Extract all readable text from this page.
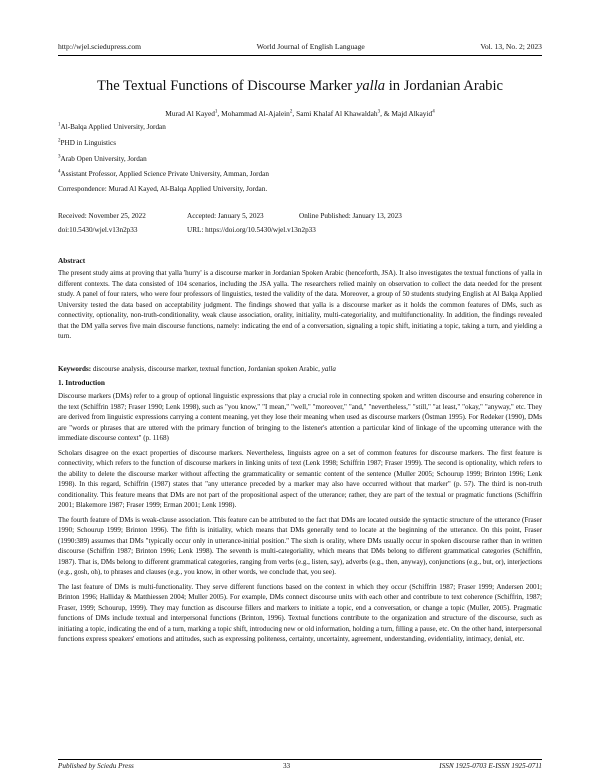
http://wjel.sciedupress.com	World Journal of English Language	Vol. 13, No. 2; 2023
The Textual Functions of Discourse Marker yalla in Jordanian Arabic
Murad Al Kayed$^1$, Mohammad Al-Ajalein$^2$, Sami Khalaf Al Khawaldah$^3$, & Majd Alkayid$^4$
$^1$Al-Balqa Applied University, Jordan
$^2$PHD in Linguistics
$^3$Arab Open University, Jordan
$^4$Assistant Professor, Applied Science Private University, Amman, Jordan
Correspondence: Murad Al Kayed, Al-Balqa Applied University, Jordan.
Received: November 25, 2022	Accepted: January 5, 2023	Online Published: January 13, 2023
doi:10.5430/wjel.v13n2p33	URL: https://doi.org/10.5430/wjel.v13n2p33
Abstract
The present study aims at proving that yalla 'hurry' is a discourse marker in Jordanian Spoken Arabic (henceforth, JSA). It also investigates the textual functions of yalla in different contexts. The data consisted of 104 scenarios, including the JSA yalla. The researchers relied mainly on observation to collect the data needed for the present study. A panel of four raters, who were four professors of linguistics, tested the validity of the data. Moreover, a group of 50 students studying English at Al Balqa Applied University tested the data based on acceptability judgment. The findings showed that yalla is a discourse marker as it holds the common features of DMs, such as connectivity, optionality, non-truth-conditionality, weak clause association, orality, initiality, multi-categoriality, and multifunctionality. In addition, the findings revealed that the DM yalla serves five main discourse functions, namely: indicating the end of a conversation, signaling a topic shift, initiating a topic, taking a turn, and yielding a turn.
Keywords: discourse analysis, discourse marker, textual function, Jordanian spoken Arabic, yalla
1. Introduction

Discourse markers (DMs) refer to a group of optional linguistic expressions that play a crucial role in connecting spoken and written discourse and ensuring coherence in the text (Schiffrin 1987; Fraser 1990; Lenk 1998), such as "you know," "I mean," "well," "moreover," "and," "nevertheless," "still," "at least," "okay," "anyway," etc. They are derived from linguistic expressions carrying a content meaning, yet they lose their meaning when used as discourse markers (Östman 1995). For Redeker (1990), DMs are "words or phrases that are uttered with the primary function of bringing to the listener's attention a particular kind of linkage of the upcoming utterance with the immediate discourse context" (p. 1168)

Scholars disagree on the exact properties of discourse markers. Nevertheless, linguists agree on a set of common features for discourse markers. The first feature is connectivity, which refers to the function of discourse markers in linking units of text (Lenk 1998; Schiffrin 1987; Fraser 1999). The second is optionality, which refers to the ability to delete the discourse marker without affecting the grammaticality or semantic content of the sentence (Muller 2005; Schourup 1999; Brinton 1996; Lenk 1998). In this regard, Schiffrin (1987) states that "any utterance preceded by a marker may also have occurred without that marker" (p. 57). The third is non-truth conditionality. This feature means that DMs are not part of the propositional aspect of the utterance; rather, they are part of the textual or pragmatic functions (Schiffrin 2001; Blakemore 1987; Fraser 1999; Erman 2001; Lenk 1998).

The fourth feature of DMs is weak-clause association. This feature can be attributed to the fact that DMs are located outside the syntactic structure of the utterance (Fraser 1990; Schourup 1999; Brinton 1996). The fifth is initiality, which means that DMs generally tend to locate at the beginning of the utterance. On this point, Fraser (1990:389) assumes that DMs "typically occur only in utterance-initial position." The sixth is orality, where DMs usually occur in spoken discourse rather than in written discourse (Schiffrin 1987; Brinton 1996; Lenk 1998). The seventh is multi-categoriality, which means that DMs belong to different grammatical categories (Schiffrin, 1987). That is, DMs belong to different grammatical categories, ranging from verbs (e.g., listen, say), adverbs (e.g., then, anyway), conjunctions (e.g., but, or), interjections (e.g., gosh, oh), to phrases and clauses (e.g., you know, in other words, we conclude that, you see).

The last feature of DMs is multi-functionality. They serve different functions based on the context in which they occur (Schiffrin 1987; Fraser 1999; Andersen 2001; Brinton 1996; Halliday & Matthiessen 2004; Muller 2005). For example, DMs connect discourse units with each other and contribute to text coherence (Schiffrin, 1987; Fraser, 1999; Schourup, 1999). They may function as discourse fillers and markers to initiate a topic, end a conversation, or change a topic (Muller, 2005). Pragmatic functions of DMs include textual and interpersonal functions (Brinton, 1996). Textual functions contribute to the organization and structure of the discourse, such as initiating a topic, indicating the end of a turn, marking a topic shift, introducing new or old information, holding a turn, filling a pause, etc. On the other hand, interpersonal functions express speakers' emotions and attitudes, such as expressing politeness, certainty, uncertainty, agreement, understanding, evidentiality, intimacy, denial, etc.

Published by Sciedu Press	33	ISSN 1925-0703 E-ISSN 1925-0711
